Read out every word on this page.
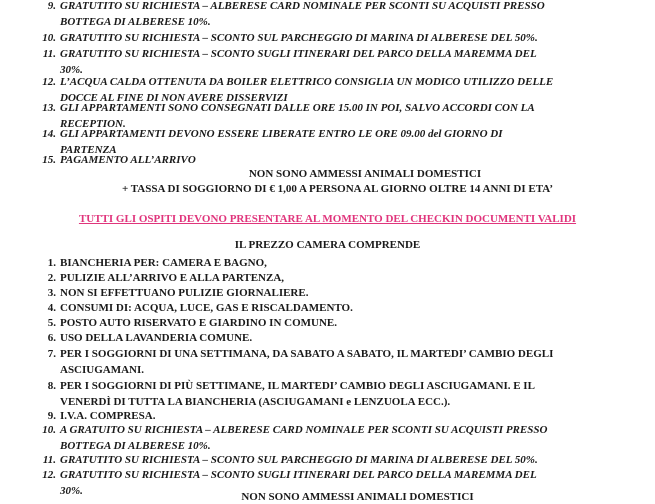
9. GRATUTITO SU RICHIESTA – ALBERESE CARD NOMINALE PER SCONTI SU ACQUISTI PRESSO
BOTTEGA DI ALBERESE 10%.
10. GRATUTITO SU RICHIESTA – SCONTO SUL PARCHEGGIO DI MARINA DI ALBERESE DEL 50%.
11. GRATUTITO SU RICHIESTA – SCONTO SUGLI ITINERARI DEL PARCO DELLA MAREMMA DEL
30%.
12. L’ACQUA CALDA OTTENUTA DA BOILER ELETTRICO CONSIGLIA UN MODICO UTILIZZO DELLE
DOCCE AL FINE DI NON AVERE DISSERVIZI
13. GLI APPARTAMENTI SONO CONSEGNATI DALLE ORE 15.00 IN POI, SALVO ACCORDI CON LA
RECEPTION.
14. GLI APPARTAMENTI DEVONO ESSERE LIBERATE ENTRO LE ORE 09.00 del GIORNO DI
PARTENZA
15. PAGAMENTO ALL’ARRIVO
NON SONO AMMESSI ANIMALI DOMESTICI
+ TASSA DI SOGGIORNO DI € 1,00 A PERSONA AL GIORNO OLTRE 14 ANNI DI ETA’
TUTTI GLI OSPITI DEVONO PRESENTARE AL MOMENTO DEL CHECKIN DOCUMENTI VALIDI
IL PREZZO CAMERA COMPRENDE
1. BIANCHERIA PER: CAMERA E BAGNO,
2. PULIZIE ALL’ARRIVO E ALLA PARTENZA,
3. NON SI EFFETTUANO PULIZIE GIORNALIERE.
4. CONSUMI DI: ACQUA, LUCE, GAS E RISCALDAMENTO.
5. POSTO AUTO RISERVATO E GIARDINO IN COMUNE.
6. USO DELLA LAVANDERIA COMUNE.
7. PER I SOGGIORNI DI UNA SETTIMANA, DA SABATO A SABATO, IL MARTEDI’ CAMBIO DEGLI
ASCIUGAMANI.
8. PER I SOGGIORNI DI PIÙ SETTIMANE, IL MARTEDI’ CAMBIO DEGLI ASCIUGAMANI. E IL
VENERDÌ DI TUTTA LA BIANCHERIA (ASCIUGAMANI e LENZUOLA ECC.).
9. I.V.A. COMPRESA.
10. A GRATUITO SU RICHIESTA – ALBERESE CARD NOMINALE PER SCONTI SU ACQUISTI PRESSO
BOTTEGA DI ALBERESE 10%.
11. GRATUTITO SU RICHIESTA – SCONTO SUL PARCHEGGIO DI MARINA DI ALBERESE DEL 50%.
12. GRATUTITO SU RICHIESTA – SCONTO SUGLI ITINERARI DEL PARCO DELLA MAREMMA DEL
30%.	NON SONO AMMESSI ANIMALI DOMESTICI
